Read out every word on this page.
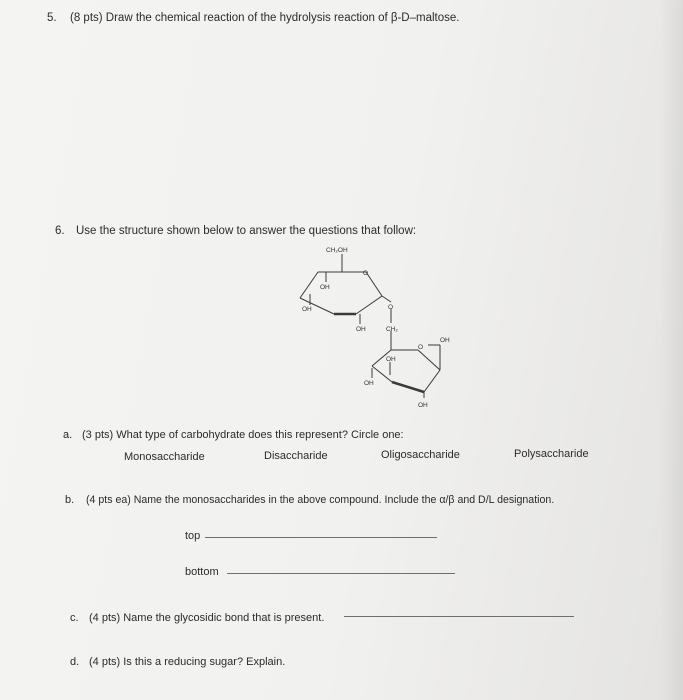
5. (8 pts) Draw the chemical reaction of the hydrolysis reaction of β-D–maltose.
6. Use the structure shown below to answer the questions that follow:
CH₂OH
O
OH
OH
OH
O
CH₂
O
OH
OH
OH
OH
a. (3 pts) What type of carbohydrate does this represent? Circle one:
Monosaccharide	Disaccharide	Oligosaccharide	Polysaccharide
b. (4 pts ea) Name the monosaccharides in the above compound. Include the α/β and D/L designation.
top
bottom
c. (4 pts) Name the glycosidic bond that is present.
d. (4 pts) Is this a reducing sugar? Explain.
